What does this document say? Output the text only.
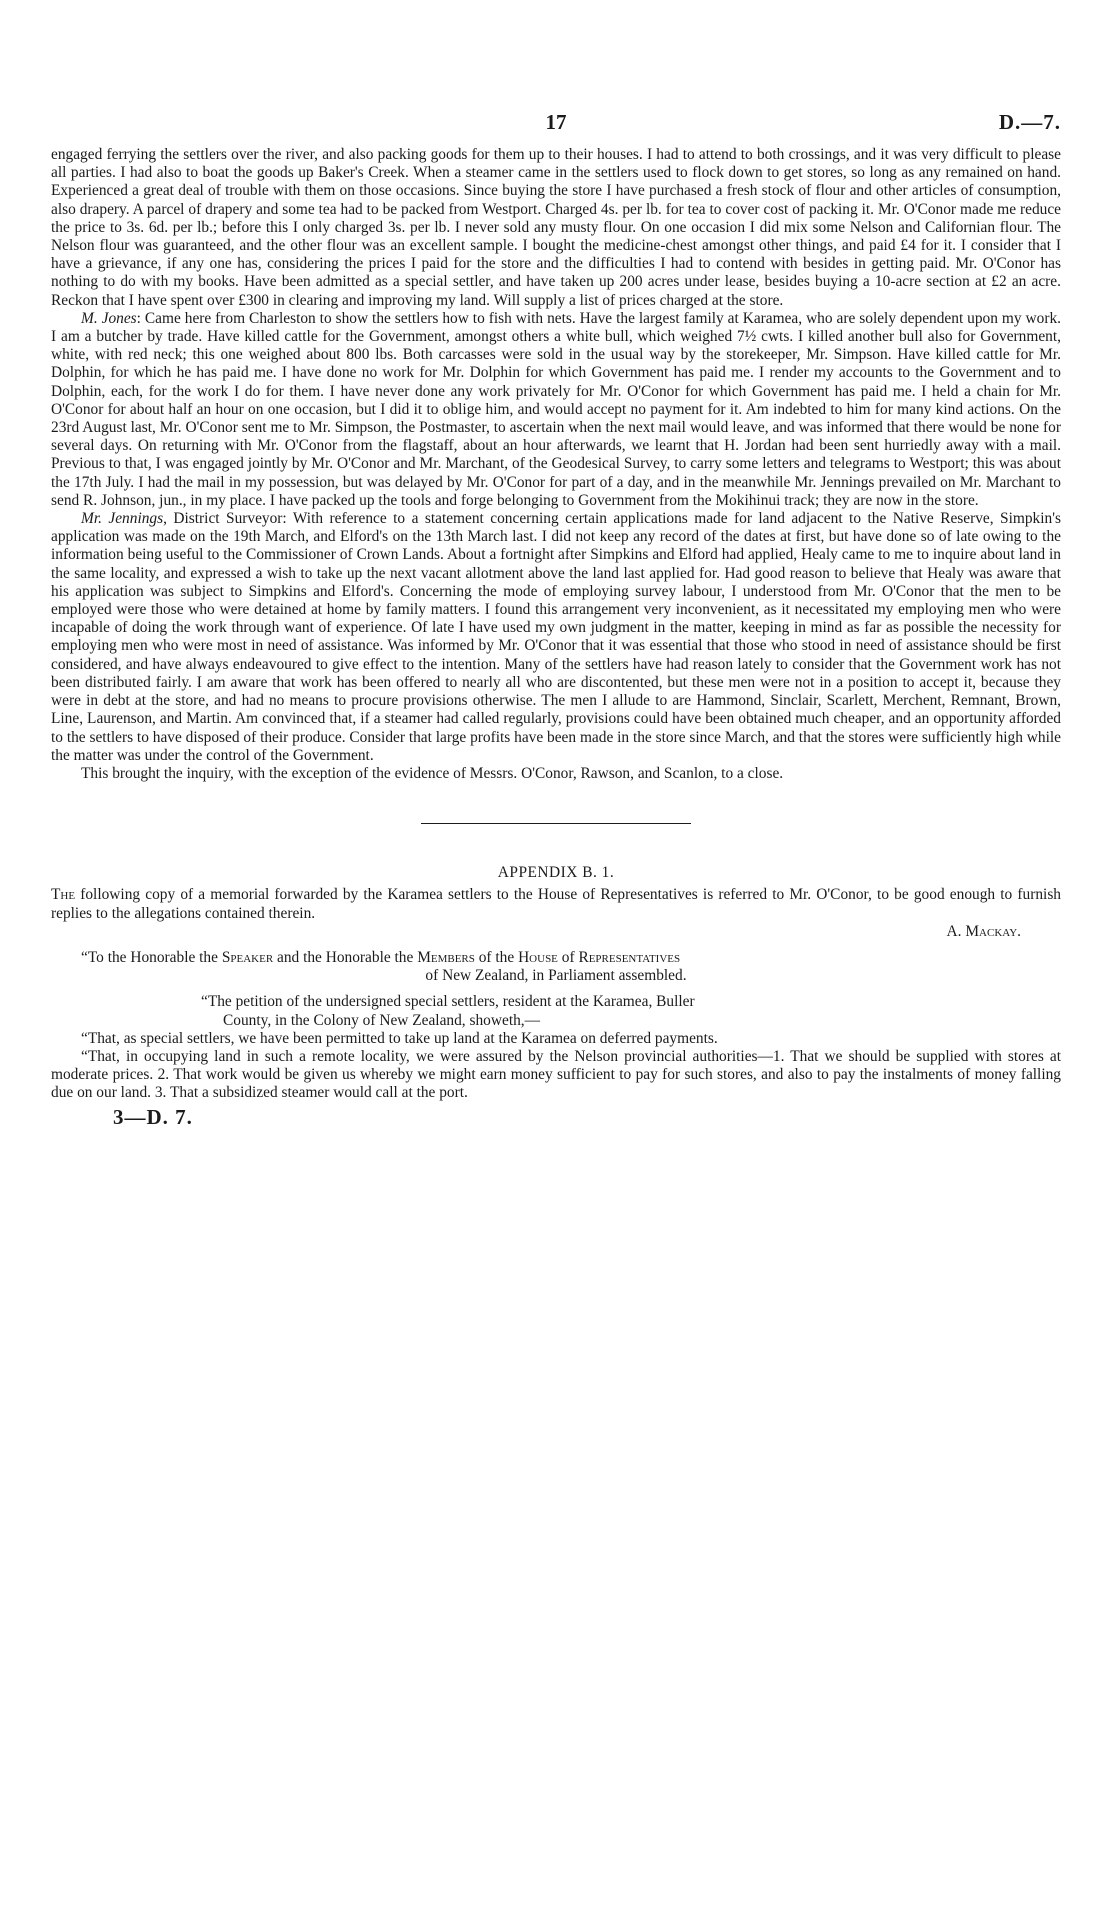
17	D.—7.

engaged ferrying the settlers over the river, and also packing goods for them up to their houses. I had to attend to both crossings, and it was very difficult to please all parties. I had also to boat the goods up Baker's Creek. When a steamer came in the settlers used to flock down to get stores, so long as any remained on hand. Experienced a great deal of trouble with them on those occasions. Since buying the store I have purchased a fresh stock of flour and other articles of consumption, also drapery. A parcel of drapery and some tea had to be packed from Westport. Charged 4s. per lb. for tea to cover cost of packing it. Mr. O'Conor made me reduce the price to 3s. 6d. per lb.; before this I only charged 3s. per lb. I never sold any musty flour. On one occasion I did mix some Nelson and Californian flour. The Nelson flour was guaranteed, and the other flour was an excellent sample. I bought the medicine-chest amongst other things, and paid £4 for it. I consider that I have a grievance, if any one has, considering the prices I paid for the store and the difficulties I had to contend with besides in getting paid. Mr. O'Conor has nothing to do with my books. Have been admitted as a special settler, and have taken up 200 acres under lease, besides buying a 10-acre section at £2 an acre. Reckon that I have spent over £300 in clearing and improving my land. Will supply a list of prices charged at the store.

M. Jones: Came here from Charleston to show the settlers how to fish with nets. Have the largest family at Karamea, who are solely dependent upon my work. I am a butcher by trade. Have killed cattle for the Government, amongst others a white bull, which weighed 7½ cwts. I killed another bull also for Government, white, with red neck; this one weighed about 800 lbs. Both carcasses were sold in the usual way by the storekeeper, Mr. Simpson. Have killed cattle for Mr. Dolphin, for which he has paid me. I have done no work for Mr. Dolphin for which Government has paid me. I render my accounts to the Government and to Dolphin, each, for the work I do for them. I have never done any work privately for Mr. O'Conor for which Government has paid me. I held a chain for Mr. O'Conor for about half an hour on one occasion, but I did it to oblige him, and would accept no payment for it. Am indebted to him for many kind actions. On the 23rd August last, Mr. O'Conor sent me to Mr. Simpson, the Postmaster, to ascertain when the next mail would leave, and was informed that there would be none for several days. On returning with Mr. O'Conor from the flagstaff, about an hour afterwards, we learnt that H. Jordan had been sent hurriedly away with a mail. Previous to that, I was engaged jointly by Mr. O'Conor and Mr. Marchant, of the Geodesical Survey, to carry some letters and telegrams to Westport; this was about the 17th July. I had the mail in my possession, but was delayed by Mr. O'Conor for part of a day, and in the meanwhile Mr. Jennings prevailed on Mr. Marchant to send R. Johnson, jun., in my place. I have packed up the tools and forge belonging to Government from the Mokihinui track; they are now in the store.

Mr. Jennings, District Surveyor: With reference to a statement concerning certain applications made for land adjacent to the Native Reserve, Simpkin's application was made on the 19th March, and Elford's on the 13th March last. I did not keep any record of the dates at first, but have done so of late owing to the information being useful to the Commissioner of Crown Lands. About a fortnight after Simpkins and Elford had applied, Healy came to me to inquire about land in the same locality, and expressed a wish to take up the next vacant allotment above the land last applied for. Had good reason to believe that Healy was aware that his application was subject to Simpkins and Elford's. Concerning the mode of employing survey labour, I understood from Mr. O'Conor that the men to be employed were those who were detained at home by family matters. I found this arrangement very inconvenient, as it necessitated my employing men who were incapable of doing the work through want of experience. Of late I have used my own judgment in the matter, keeping in mind as far as possible the necessity for employing men who were most in need of assistance. Was informed by Mr. O'Conor that it was essential that those who stood in need of assistance should be first considered, and have always endeavoured to give effect to the intention. Many of the settlers have had reason lately to consider that the Government work has not been distributed fairly. I am aware that work has been offered to nearly all who are discontented, but these men were not in a position to accept it, because they were in debt at the store, and had no means to procure provisions otherwise. The men I allude to are Hammond, Sinclair, Scarlett, Merchent, Remnant, Brown, Line, Laurenson, and Martin. Am convinced that, if a steamer had called regularly, provisions could have been obtained much cheaper, and an opportunity afforded to the settlers to have disposed of their produce. Consider that large profits have been made in the store since March, and that the stores were sufficiently high while the matter was under the control of the Government.

This brought the inquiry, with the exception of the evidence of Messrs. O'Conor, Rawson, and Scanlon, to a close.

APPENDIX B. 1.

The following copy of a memorial forwarded by the Karamea settlers to the House of Representatives is referred to Mr. O'Conor, to be good enough to furnish replies to the allegations contained therein.

A. Mackay.

“To the Honorable the Speaker and the Honorable the Members of the House of Representatives

of New Zealand, in Parliament assembled.

“The petition of the undersigned special settlers, resident at the Karamea, Buller
County, in the Colony of New Zealand, showeth,—

“That, as special settlers, we have been permitted to take up land at the Karamea on deferred payments.

“That, in occupying land in such a remote locality, we were assured by the Nelson provincial authorities—1. That we should be supplied with stores at moderate prices. 2. That work would be given us whereby we might earn money sufficient to pay for such stores, and also to pay the instalments of money falling due on our land. 3. That a subsidized steamer would call at the port.

3—D. 7.
